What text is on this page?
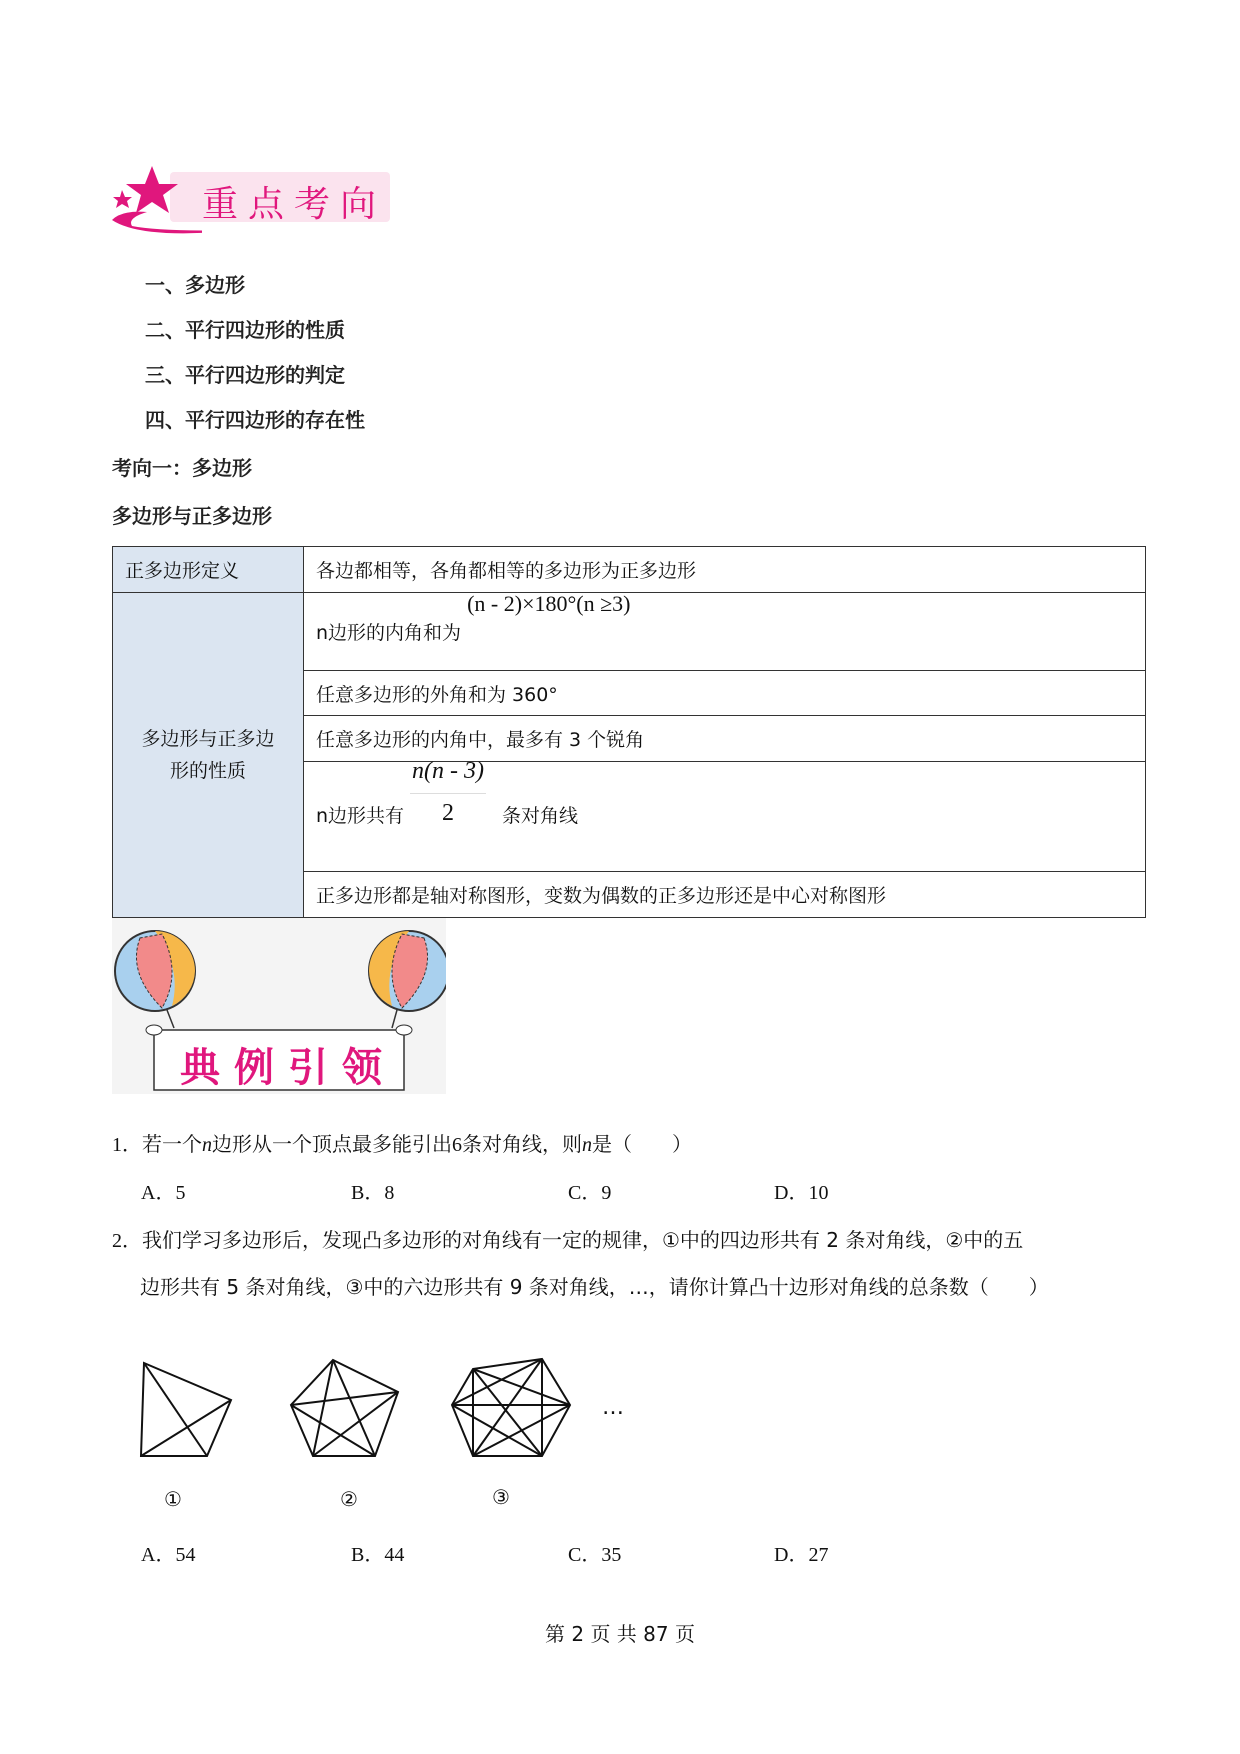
重点考向
一、多边形
二、平行四边形的性质
三、平行四边形的判定
四、平行四边形的存在性
考向一：多边形
多边形与正多边形
正多边形定义	各边都相等，各角都相等的多边形为正多边形

多边形与正多边
形的性质	n边形的内角和为 (n - 2)×180°(n ≥3)
	任意多边形的外角和为 360°
	任意多边形的内角中，最多有 3 个锐角
	n边形共有 $\frac{n(n - 3)}{2}$ 条对角线
	正多边形都是轴对称图形，变数为偶数的正多边形还是中心对称图形
典例引领
1．若一个n边形从一个顶点最多能引出6条对角线，则n是（　　）
A．5	B．8	C．9	D．10
2．我们学习多边形后，发现凸多边形的对角线有一定的规律，①中的四边形共有 2 条对角线，②中的五
边形共有 5 条对角线，③中的六边形共有 9 条对角线，…，请你计算凸十边形对角线的总条数（　　）
…
①	②	③
A．54	B．44	C．35	D．27
第 2 页 共 87 页
